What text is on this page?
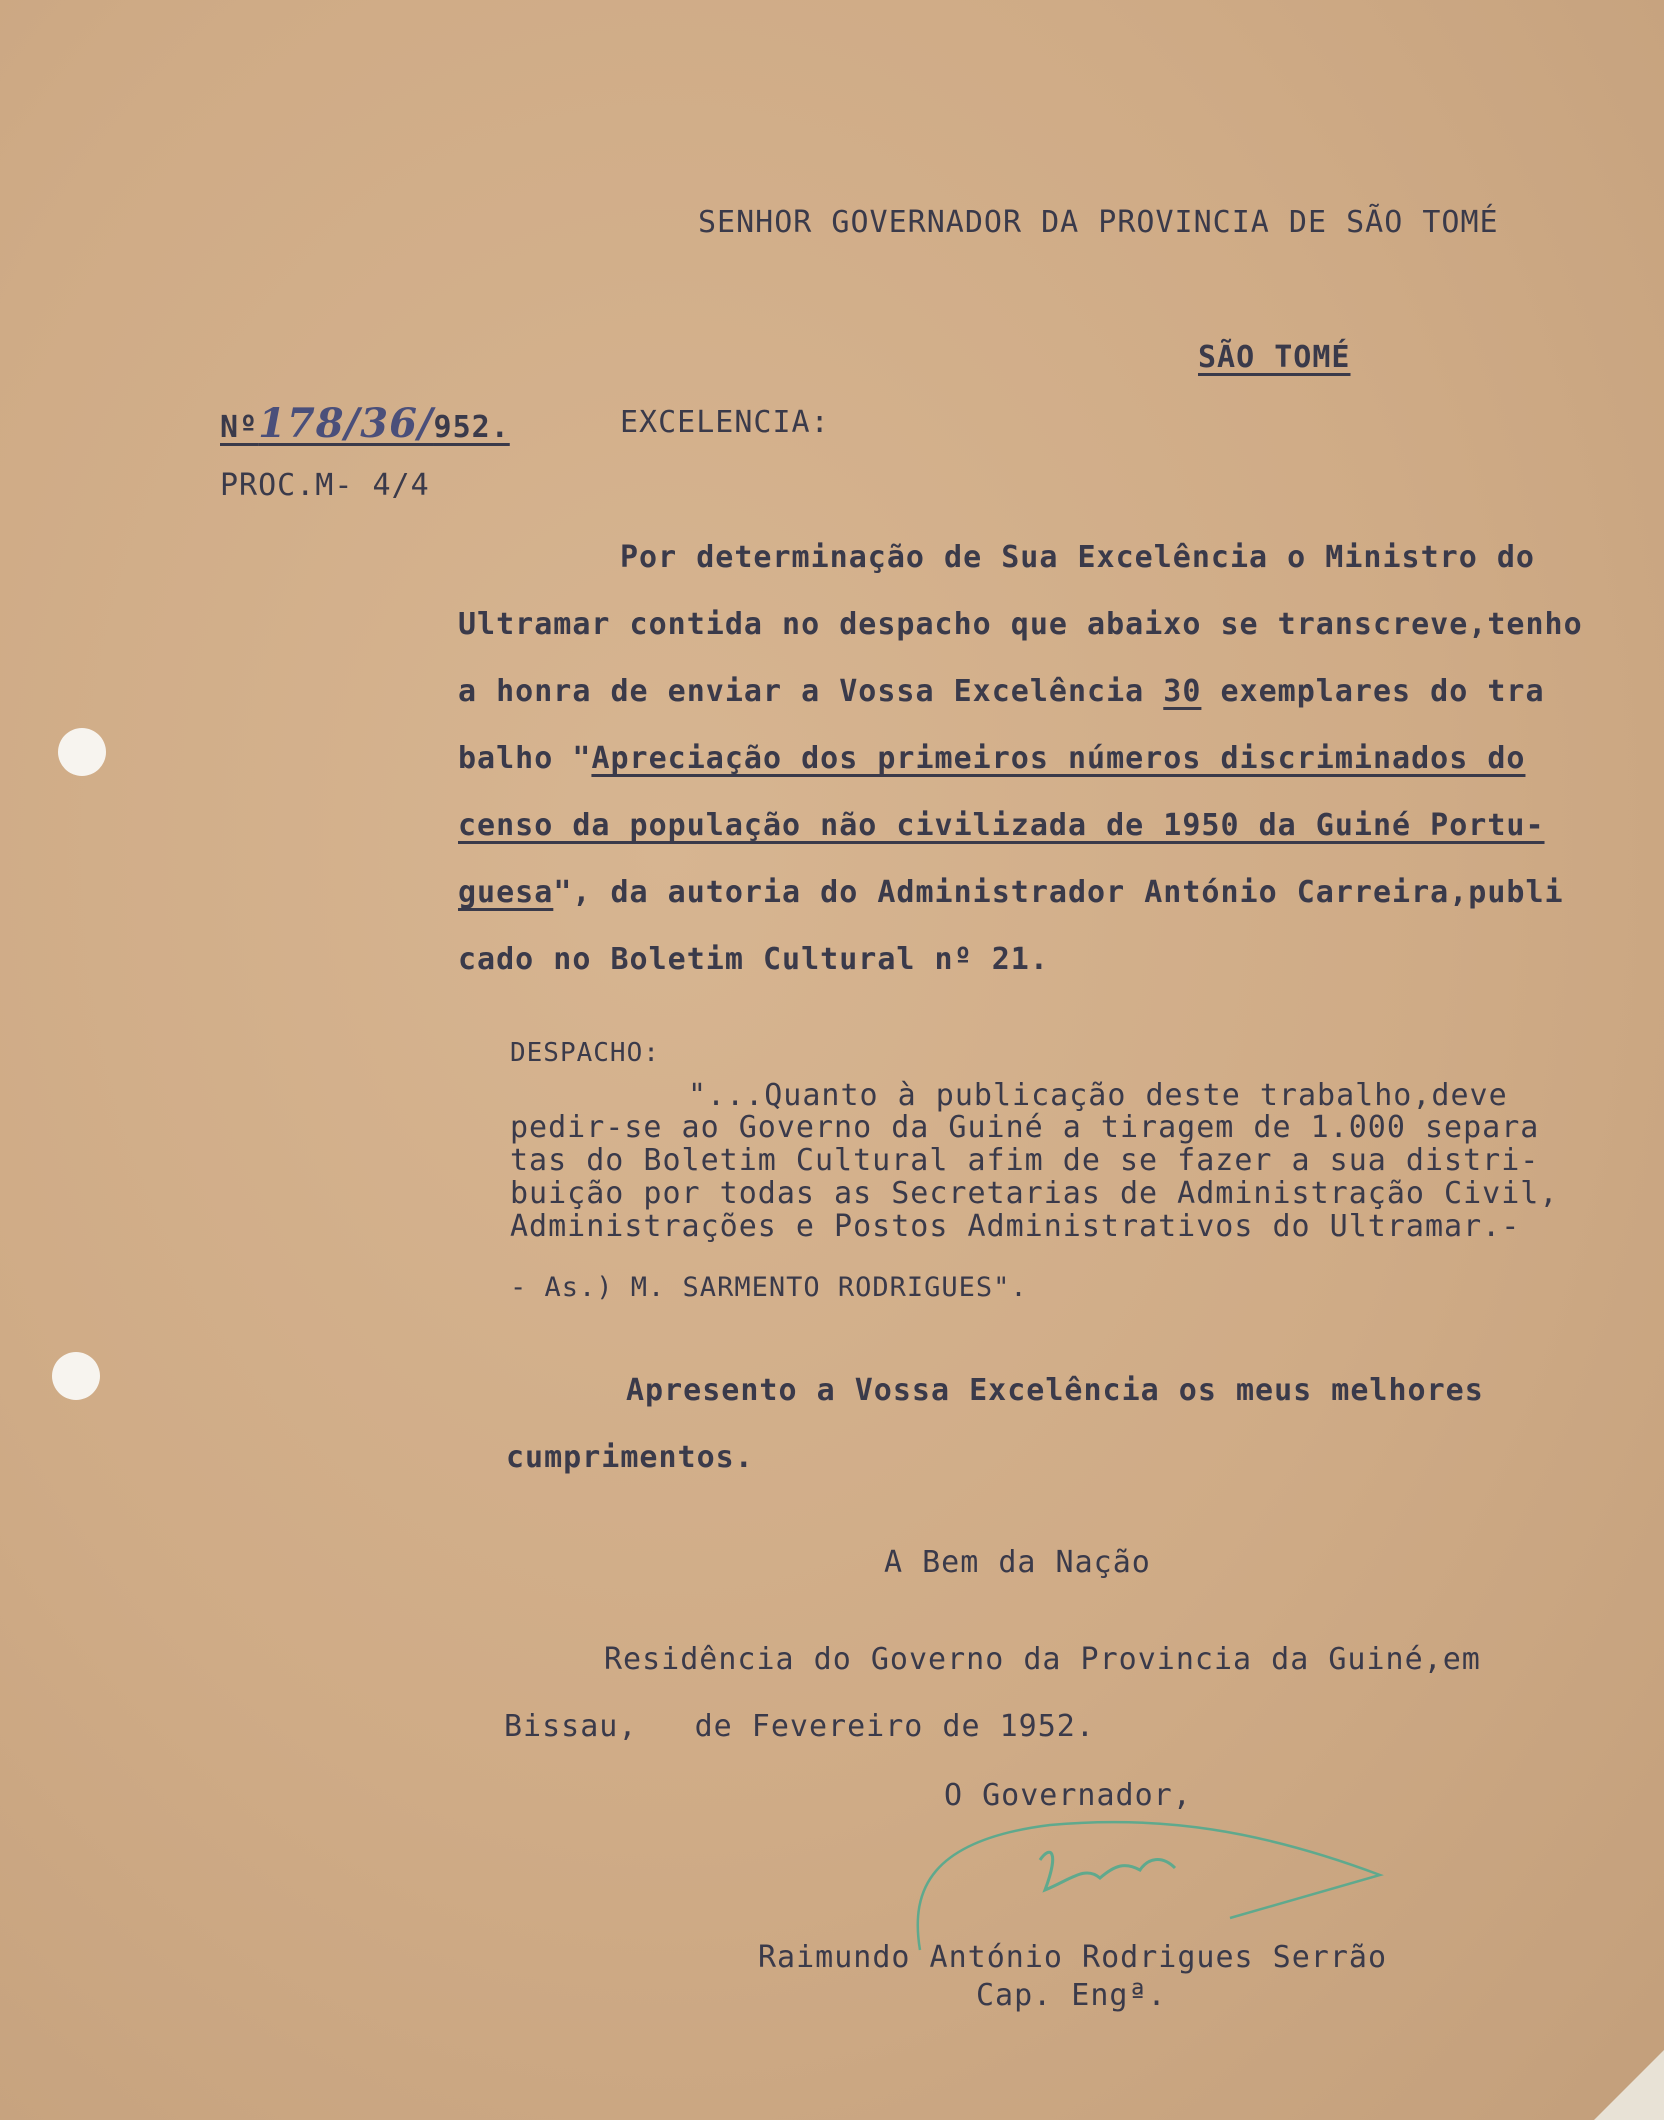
SENHOR GOVERNADOR DA PROVINCIA DE SÃO TOMÉ
SÃO TOMÉ
Nº178/36/952.	EXCELENCIA:
PROC.M- 4/4
Por determinação de Sua Excelência o Ministro do
Ultramar contida no despacho que abaixo se transcreve,tenho
a honra de enviar a Vossa Excelência 30 exemplares do tra
balho "Apreciação dos primeiros números discriminados do
censo da população não civilizada de 1950 da Guiné Portu-
guesa", da autoria do Administrador António Carreira,publi
cado no Boletim Cultural nº 21.
DESPACHO:
"...Quanto à publicação deste trabalho,deve
pedir-se ao Governo da Guiné a tiragem de 1.000 separa
tas do Boletim Cultural afim de se fazer a sua distri-
buição por todas as Secretarias de Administração Civil,
Administrações e Postos Administrativos do Ultramar.-
- As.) M. SARMENTO RODRIGUES".
Apresento a Vossa Excelência os meus melhores
cumprimentos.
A Bem da Nação
Residência do Governo da Provincia da Guiné,em
Bissau,   de Fevereiro de 1952.
O Governador,
Raimundo António Rodrigues Serrão
Cap. Engª.
